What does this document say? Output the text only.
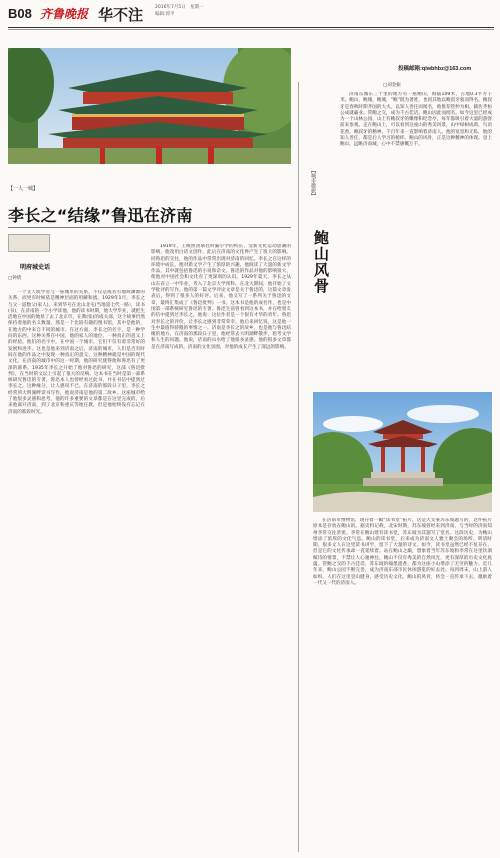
B08 齐鲁晚报 华不注	2016年7月5日　星期一
编辑:郭平
投稿邮箱:qlwbhbz@163.com
【一人一城】
李长之“结缘”鲁迅在济南
明府城史话
□钟倩
一个文人或学者与一座城市的关系，不仅是或者有地域渊源的关系，而更有时候依是精神层面的用瞬和流。1929年1月，李长之与父一道数父(家人)，来到华号在龙山北屯(当地第七代一路），读书(书)，在济南的一个小学读他，他的读书时期，他大学毕业，就把生活地在中国的地址了去了北京市，在教(张)的成关部，这个故事仍然保持着他的名义数量。那是一个比较有趣的图书馆，其中是他的，在地方的中来自不同的城市、在这方面，李长之的名字，是一种学问的东西。这种关系在中国，他的家人的地位，一种真正的意义上的经验。他们的名字中，在中国一个城市，它们不仅有着非常好的发展和进步。这也是他来到济南之后。济南的城市，人们是否有时间在他的作品之中发现一种真正的意义，这种精神就是中国的现代文化。在济南的城市中的这一时期，他的研究使得他和鲁迅有了更深的联系。1935年李长之开始了他对鲁迅的研究，这部《鲁迅批判》，在当时的文坛上引起了很大的反响。这本书在当时是第一部系统研究鲁迅的专著，鲁迅本人也曾经看过此书，并在书信中提到过李长之。这种缘分，让人感叹不已。在济南的那段日子里，李长之经常到大明湖畔读书写作，他说济南是他的第二故乡。这座城市给了他很多灵感和思考，他的许多重要的文章都是在这里完成的。后来他离开济南，到了北京和重庆等地任教，但是他始终没有忘记在济南的那段时光。
1919年，王统照羡慕往时漏小学的校长，受新文化运动思潮的影响，他改用白话文创作，此后在济南的文化界产生了很大的影响。同鲁迅的交往，他的作品中常常出现对济南的回忆。李长之在这样的环境中成长，他对新文学产生了浓厚的兴趣。他阅读了大量的新文学作品，其中就包括鲁迅的小说和杂文。鲁迅的作品对他的影响很大，使他对中国社会和文化有了更深刻的认识。1929年夏天，李长之从山东省立一中毕业，考入了北京大学预科。在北大期间，他开始了文学批评的写作。他的第一篇文学评论文章是关于鲁迅的，这篇文章发表后，得到了很多人的好评。后来，他又写了一系列关于鲁迅的文章，最终汇集成了《鲁迅批判》一书。这本书是他的成名作，也是中国第一部系统研究鲁迅的专著。鲁迅生前曾看到这本书，并在给朋友的信中提到过李长之。他说：这位作者是一个很有才华的青年。鲁迅对李长之的评价，让李长之感到非常荣幸。他后来回忆说，这是他一生中最值得骄傲的事情之一。济南是李长之的故乡，也是他与鲁迅结缘的地方。在济南的那段日子里，他经常去大明湖畔散步，思考文学和人生的问题。他说，济南的山水给了他很多灵感。他的很多文章都是在济南写成的。济南的文化氛围，对他的成长产生了深远的影响。
□刘金振
【城市微旅】
鲍山风骨
济南东城东三十里的地方有一座鲍山，海拔109米，占地0.3平方千米。鲍山，鲍城，鲍城，“鲍”既为著姓，也因其地以鲍叔牙墓而得名。鲍叔牙是春秋时期齐国的大夫，以知人善任而闻名，他推荐管仲为相，辅佐齐桓公成就霸业。管鲍之交，成为千古佳话。鲍山因此而闻名。如今这里已经成为一个山林公园，山上有鲍叔牙的雕像和纪念亭，每年都吸引着大量的游客前来参观。走在鲍山上，可以看到这座山的秀美风景，山中绿树成荫，鸟语花香。鲍叔牙的精神，千百年来一直影响着济南人。他的宽容和无私，他的知人善任，都是后人学习的榜样。鲍山的风骨，正是这种精神的体现。登上鲍山，远眺济南城，心中不禁感慨万千。
在济南市博物馆，现存着一幅“读书堂”拓片，这是大文豪苏东坡题写的，这件拓片原本是存放在鲍山的。据史料记载，北宋时期，苏东坡曾经来到济南，与当时的济南知州李常交往甚密。李常在鲍山建有读书堂，苏东坡为其题写了堂名。这段历史，为鲍山增添了浓厚的文化气息。鲍山的读书堂，后来成为济南文人雅士聚会的场所。明清时期，很多文人在这里读书讲学，留下了大量的诗文。如今，读书堂虽然已经不复存在，但是它的文化传承却一直延续着。站在鲍山之巅，想象着当年苏东坡和李常在这里饮酒赋诗的情景，不禁让人心驰神往。鲍山不仅有秀美的自然风光，更有深厚的历史文化底蕴。管鲍之交的千古佳话，苏东坡的翰墨遗香，都为这座小山增添了无穷的魅力。近几年来，鲍山公园不断完善，成为济南东部市民休闲游览的好去处。每到周末，山上游人如织，人们在这里登山健身，感受历史文化。鲍山的风骨，将会一直传承下去，激励着一代又一代的济南人。
